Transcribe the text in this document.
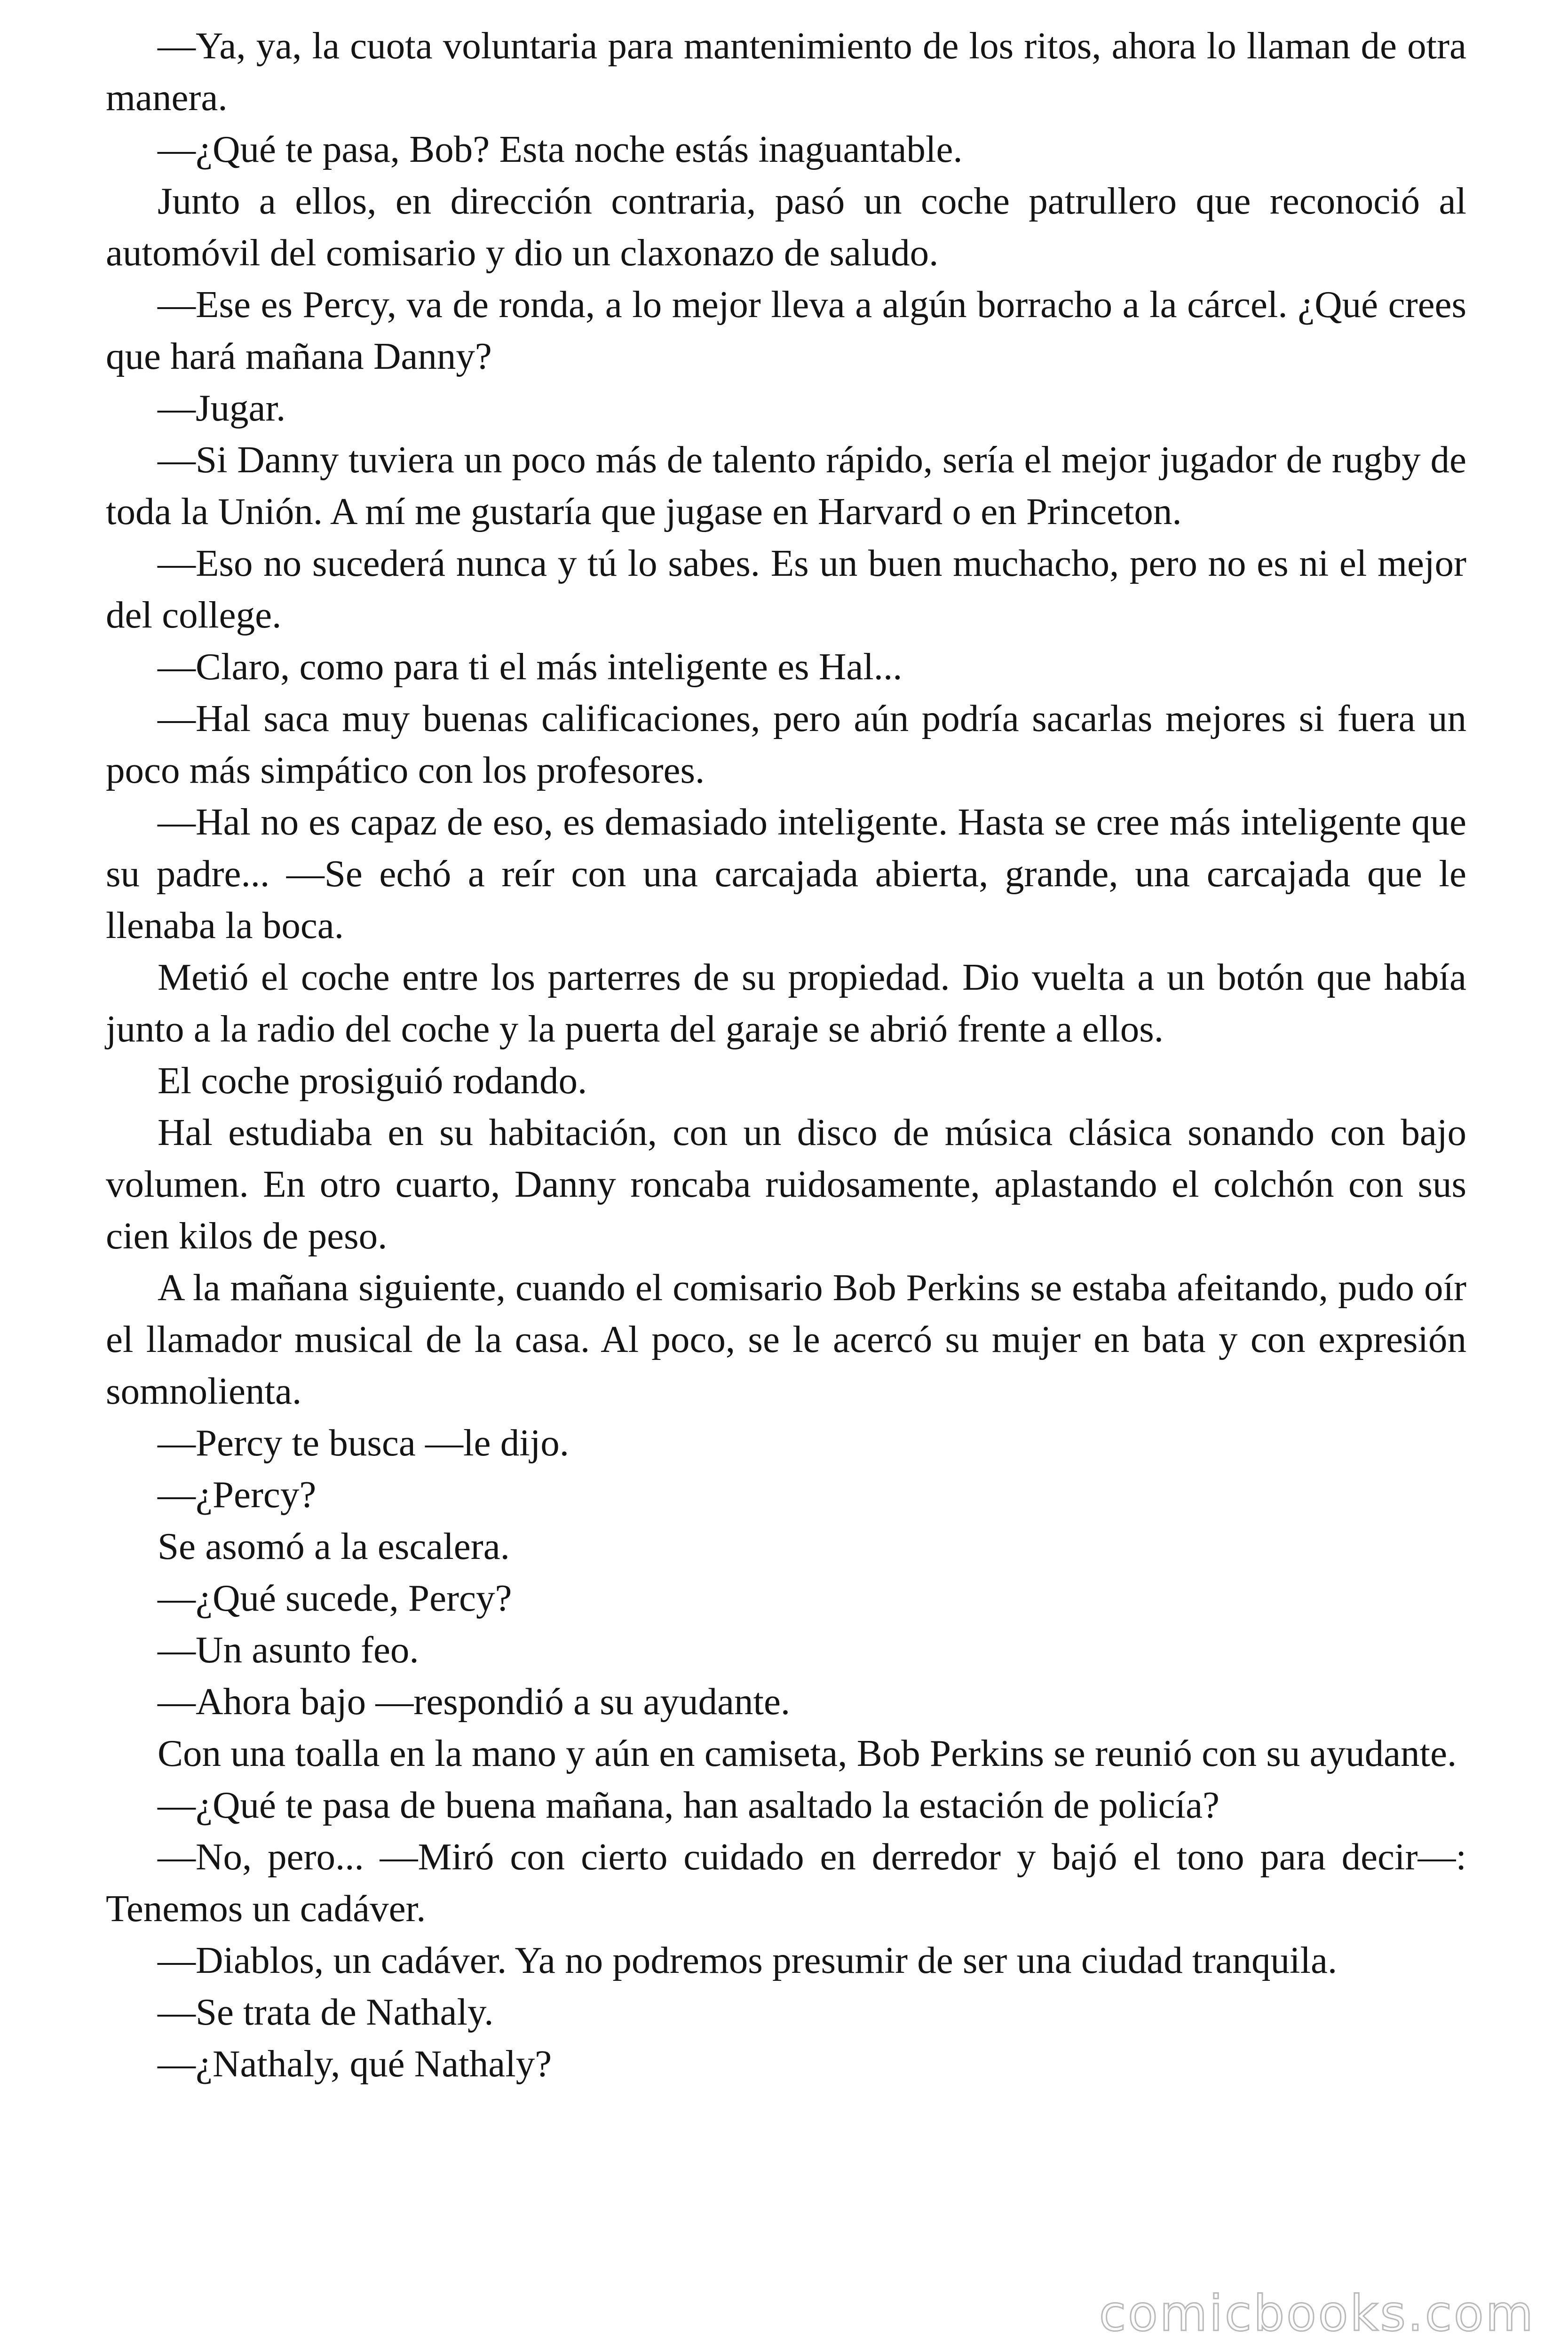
—Ya, ya, la cuota voluntaria para mantenimiento de los ritos, ahora lo llaman de otra manera.

—¿Qué te pasa, Bob? Esta noche estás inaguantable.

Junto a ellos, en dirección contraria, pasó un coche patrullero que reconoció al automóvil del comisario y dio un claxonazo de saludo.

—Ese es Percy, va de ronda, a lo mejor lleva a algún borracho a la cárcel. ¿Qué crees que hará mañana Danny?

—Jugar.

—Si Danny tuviera un poco más de talento rápido, sería el mejor jugador de rugby de toda la Unión. A mí me gustaría que jugase en Harvard o en Princeton.

—Eso no sucederá nunca y tú lo sabes. Es un buen muchacho, pero no es ni el mejor del college.

—Claro, como para ti el más inteligente es Hal...

—Hal saca muy buenas calificaciones, pero aún podría sacarlas mejores si fuera un poco más simpático con los profesores.

—Hal no es capaz de eso, es demasiado inteligente. Hasta se cree más inteligente que su padre... —Se echó a reír con una carcajada abierta, grande, una carcajada que le llenaba la boca.

Metió el coche entre los parterres de su propiedad. Dio vuelta a un botón que había junto a la radio del coche y la puerta del garaje se abrió frente a ellos.

El coche prosiguió rodando.

Hal estudiaba en su habitación, con un disco de música clásica sonando con bajo volumen. En otro cuarto, Danny roncaba ruidosamente, aplastando el colchón con sus cien kilos de peso.

A la mañana siguiente, cuando el comisario Bob Perkins se estaba afeitando, pudo oír el llamador musical de la casa. Al poco, se le acercó su mujer en bata y con expresión somnolienta.

—Percy te busca —le dijo.

—¿Percy?

Se asomó a la escalera.

—¿Qué sucede, Percy?

—Un asunto feo.

—Ahora bajo —respondió a su ayudante.

Con una toalla en la mano y aún en camiseta, Bob Perkins se reunió con su ayudante.

—¿Qué te pasa de buena mañana, han asaltado la estación de policía?

—No, pero... —Miró con cierto cuidado en derredor y bajó el tono para decir—: Tenemos un cadáver.

—Diablos, un cadáver. Ya no podremos presumir de ser una ciudad tranquila.

—Se trata de Nathaly.

—¿Nathaly, qué Nathaly?

comicbooks.com
